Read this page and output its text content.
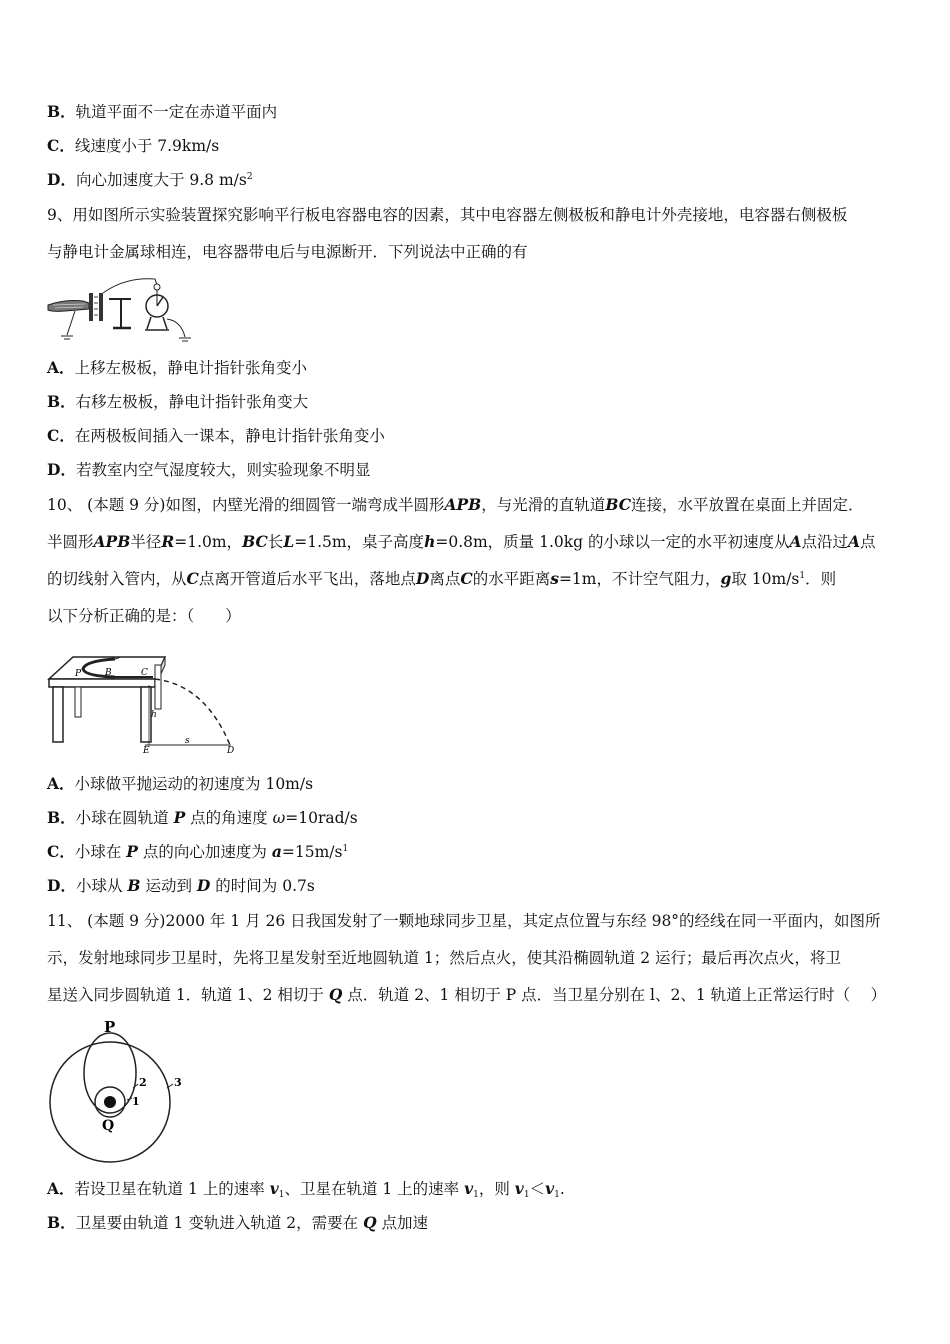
B．轨道平面不一定在赤道平面内
C．线速度小于 7.9km/s
D．向心加速度大于 9.8 $m/s^2$
9、用如图所示实验装置探究影响平行板电容器电容的因素，其中电容器左侧极板和静电计外壳接地，电容器右侧极板
与静电计金属球相连，电容器带电后与电源断开．下列说法中正确的有
A．上移左极板，静电计指针张角变小
B．右移左极板，静电计指针张角变大
C．在两极板间插入一课本，静电计指针张角变小
D．若教室内空气湿度较大，则实验现象不明显
10、 (本题 9 分)如图，内壁光滑的细圆管一端弯成半圆形APB，与光滑的直轨道BC连接，水平放置在桌面上并固定．
半圆形APB半径R=1.0m，BC长L=1.5m，桌子高度h=0.8m，质量 1.0kg 的小球以一定的水平初速度从A点沿过A点
的切线射入管内，从C点离开管道后水平飞出，落地点D离点C的水平距离s=1m，不计空气阻力，g取 $10m/s^1$．则
以下分析正确的是：（　　）
P	B	C
h
E
s
D
A．小球做平抛运动的初速度为 10m/s
B．小球在圆轨道 P 点的角速度 ω=10rad/s
C．小球在 P 点的向心加速度为 $a=15m/s^1$
D．小球从 B 运动到 D 的时间为 0.7s
11、 (本题 9 分)2000 年 1 月 26 日我国发射了一颗地球同步卫星，其定点位置与东经 98°的经线在同一平面内，如图所
示，发射地球同步卫星时，先将卫星发射至近地圆轨道 1；然后点火，使其沿椭圆轨道 2 运行；最后再次点火，将卫
星送入同步圆轨道 1．轨道 1、2 相切于 Q 点．轨道 2、1 相切于 P 点．当卫星分别在 l、2、1 轨道上正常运行时（　 ）
P
Q
1
2 3
A．若设卫星在轨道 1 上的速率 $v_1$、卫星在轨道 1 上的速率 $v_1$，则 $v_1<v_1$.
B．卫星要由轨道 1 变轨进入轨道 2，需要在 Q 点加速
